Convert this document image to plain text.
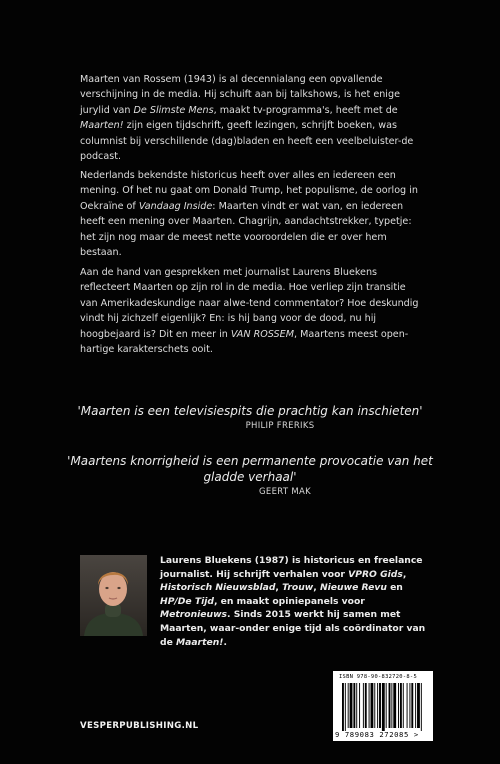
Maarten van Rossem (1943) is al decennialang een opvallende verschijning in de media. Hij schuift aan bij talkshows, is het enige jurylid van De Slimste Mens, maakt tv-programma's, heeft met de Maarten! zijn eigen tijdschrift, geeft lezingen, schrijft boeken, was columnist bij verschillende (dag)bladen en heeft een veelbeluister-de podcast.

Nederlands bekendste historicus heeft over alles en iedereen een mening. Of het nu gaat om Donald Trump, het populisme, de oorlog in Oekraïne of Vandaag Inside: Maarten vindt er wat van, en iedereen heeft een mening over Maarten. Chagrijn, aandachtstrekker, typetje: het zijn nog maar de meest nette vooroordelen die er over hem bestaan.

Aan de hand van gesprekken met journalist Laurens Bluekens reflecteert Maarten op zijn rol in de media. Hoe verliep zijn transitie van Amerikadeskundige naar alwe-tend commentator? Hoe deskundig vindt hij zichzelf eigenlijk? En: is hij bang voor de dood, nu hij hoogbejaard is? Dit en meer in VAN ROSSEM, Maartens meest open-hartige karakterschets ooit.

'Maarten is een televisiespits die prachtig kan inschieten'

PHILIP FRERIKS

'Maartens knorrigheid is een permanente provocatie van het gladde verhaal'

GEERT MAK

Laurens Bluekens (1987) is historicus en freelance journalist. Hij schrijft verhalen voor VPRO Gids, Historisch Nieuwsblad, Trouw, Nieuwe Revu en HP/De Tijd, en maakt opiniepanels voor Metronieuws. Sinds 2015 werkt hij samen met Maarten, waar-onder enige tijd als coördinator van de Maarten!.

VESPERPUBLISHING.NL
ISBN 978-90-832720-8-5
9 789083 272085 >
